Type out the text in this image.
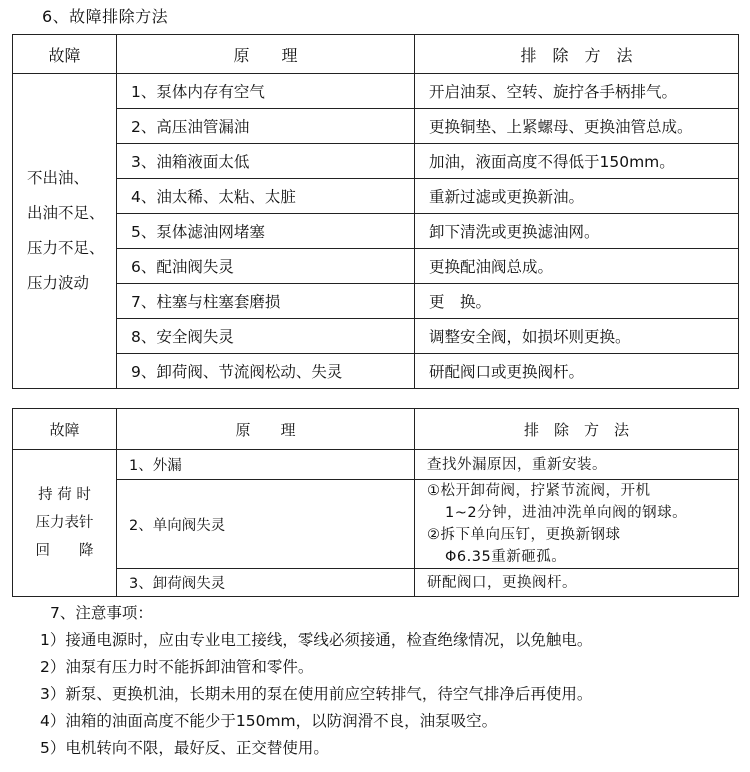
6、故障排除方法
故障	原　　理	排　除　方　法

不出油、
出油不足、
压力不足、
压力波动	1、泵体内存有空气	开启油泵、空转、旋拧各手柄排气。
	2、高压油管漏油	更换铜垫、上紧螺母、更换油管总成。
	3、油箱液面太低	加油，液面高度不得低于150mm。
	4、油太稀、太粘、太脏	重新过滤或更换新油。
	5、泵体滤油网堵塞	卸下清洗或更换滤油网。
	6、配油阀失灵	更换配油阀总成。
	7、柱塞与柱塞套磨损	更　换。
	8、安全阀失灵	调整安全阀，如损坏则更换。
	9、卸荷阀、节流阀松动、失灵	研配阀口或更换阀杆。
故障	原　　理	排　除　方　法

持 荷 时
压力表针
回　　降	1、外漏	查找外漏原因，重新安装。

	2、单向阀失灵	①松开卸荷阀，拧紧节流阀，开机
1~2分钟，进油冲洗单向阀的钢球。
②拆下单向压钉，更换新钢球
Φ6.35重新砸孤。

	3、卸荷阀失灵	研配阀口，更换阀杆。
7、注意事项：
1）接通电源时，应由专业电工接线，零线必须接通，检查绝缘情况，以免触电。
2）油泵有压力时不能拆卸油管和零件。
3）新泵、更换机油，长期未用的泵在使用前应空转排气，待空气排净后再使用。
4）油箱的油面高度不能少于150mm，以防润滑不良，油泵吸空。
5）电机转向不限，最好反、正交替使用。
